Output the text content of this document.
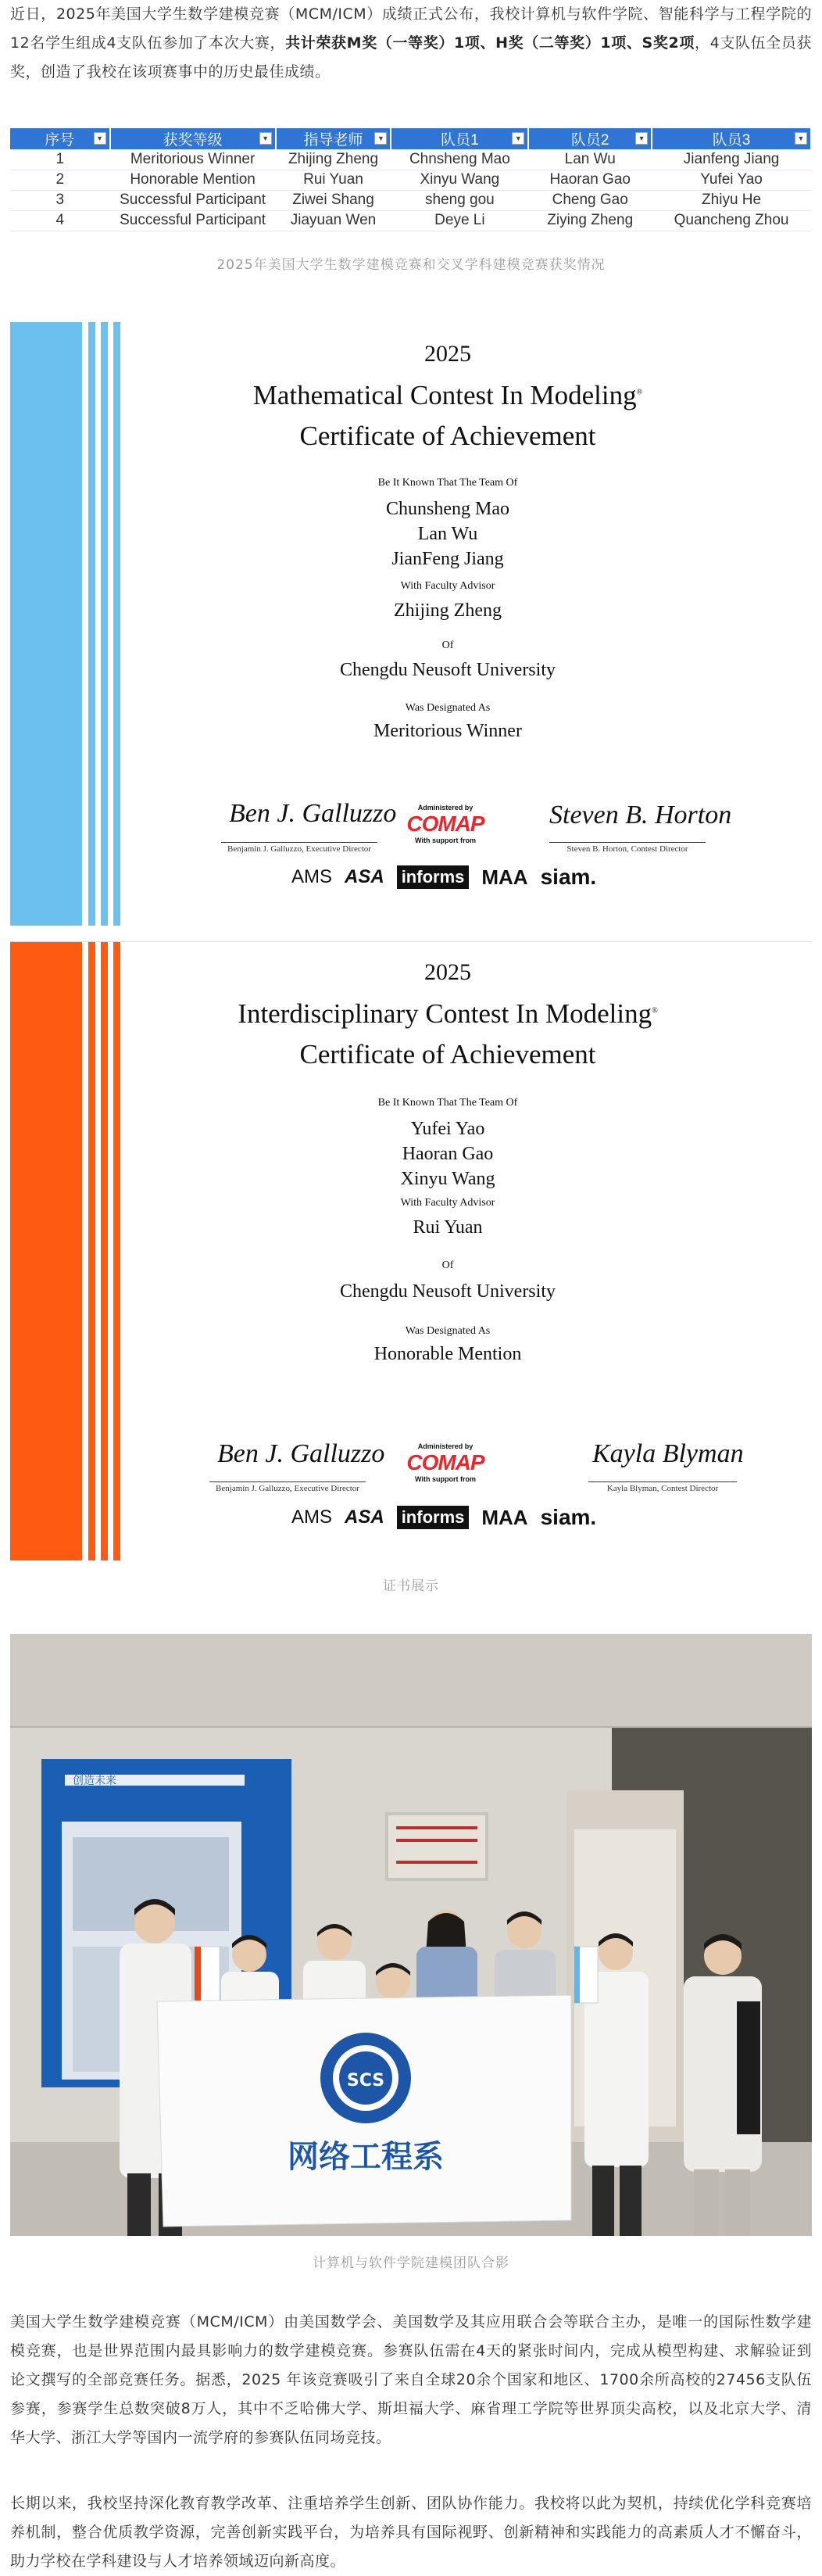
近日，2025年美国大学生数学建模竞赛（MCM/ICM）成绩正式公布，我校计算机与软件学院、智能科学与工程学院的12名学生组成4支队伍参加了本次大赛，共计荣获M奖（一等奖）1项、H奖（二等奖）1项、S奖2项，4支队伍全员获奖，创造了我校在该项赛事中的历史最佳成绩。

序号 ▼	获奖等级 ▼	指导老师 ▼	队员1 ▼	队员2 ▼	队员3 ▼

1	Meritorious Winner	Zhijing Zheng	Chnsheng Mao	Lan Wu	Jianfeng Jiang
2	Honorable Mention	Rui Yuan	Xinyu Wang	Haoran Gao	Yufei Yao
3	Successful Participant	Ziwei Shang	sheng gou	Cheng Gao	Zhiyu He
4	Successful Participant	Jiayuan Wen	Deye Li	Ziying Zheng	Quancheng Zhou
2025年美国大学生数学建模竞赛和交叉学科建模竞赛获奖情况
2025
Mathematical Contest In Modeling®
Certificate of Achievement
Be It Known That The Team Of
Chunsheng Mao
Lan Wu
JianFeng Jiang
With Faculty Advisor
Zhijing Zheng
Of
Chengdu Neusoft University
Was Designated As
Meritorious Winner
Ben J. Galluzzo
Benjamin J. Galluzzo, Executive Director
Administered by
COMAP
With support from
Steven B. Horton
Steven B. Horton, Contest Director
AMS ASA informs MAA siam.
2025
Interdisciplinary Contest In Modeling®
Certificate of Achievement
Be It Known That The Team Of
Yufei Yao
Haoran Gao
Xinyu Wang
With Faculty Advisor
Rui Yuan
Of
Chengdu Neusoft University
Was Designated As
Honorable Mention
Ben J. Galluzzo
Benjamin J. Galluzzo, Executive Director
Administered by
COMAP
With support from
Kayla Blyman
Kayla Blyman, Contest Director
AMS ASA informs MAA siam.
证书展示
创造未来
SCS
网络工程系
计算机与软件学院建模团队合影

美国大学生数学建模竞赛（MCM/ICM）由美国数学会、美国数学及其应用联合会等联合主办，是唯一的国际性数学建模竞赛，也是世界范围内最具影响力的数学建模竞赛。参赛队伍需在4天的紧张时间内，完成从模型构建、求解验证到论文撰写的全部竞赛任务。据悉，2025 年该竞赛吸引了来自全球20余个国家和地区、1700余所高校的27456支队伍参赛，参赛学生总数突破8万人，其中不乏哈佛大学、斯坦福大学、麻省理工学院等世界顶尖高校，以及北京大学、清华大学、浙江大学等国内一流学府的参赛队伍同场竞技。

长期以来，我校坚持深化教育教学改革、注重培养学生创新、团队协作能力。我校将以此为契机，持续优化学科竞赛培养机制，整合优质教学资源，完善创新实践平台，为培养具有国际视野、创新精神和实践能力的高素质人才不懈奋斗，助力学校在学科建设与人才培养领域迈向新高度。
